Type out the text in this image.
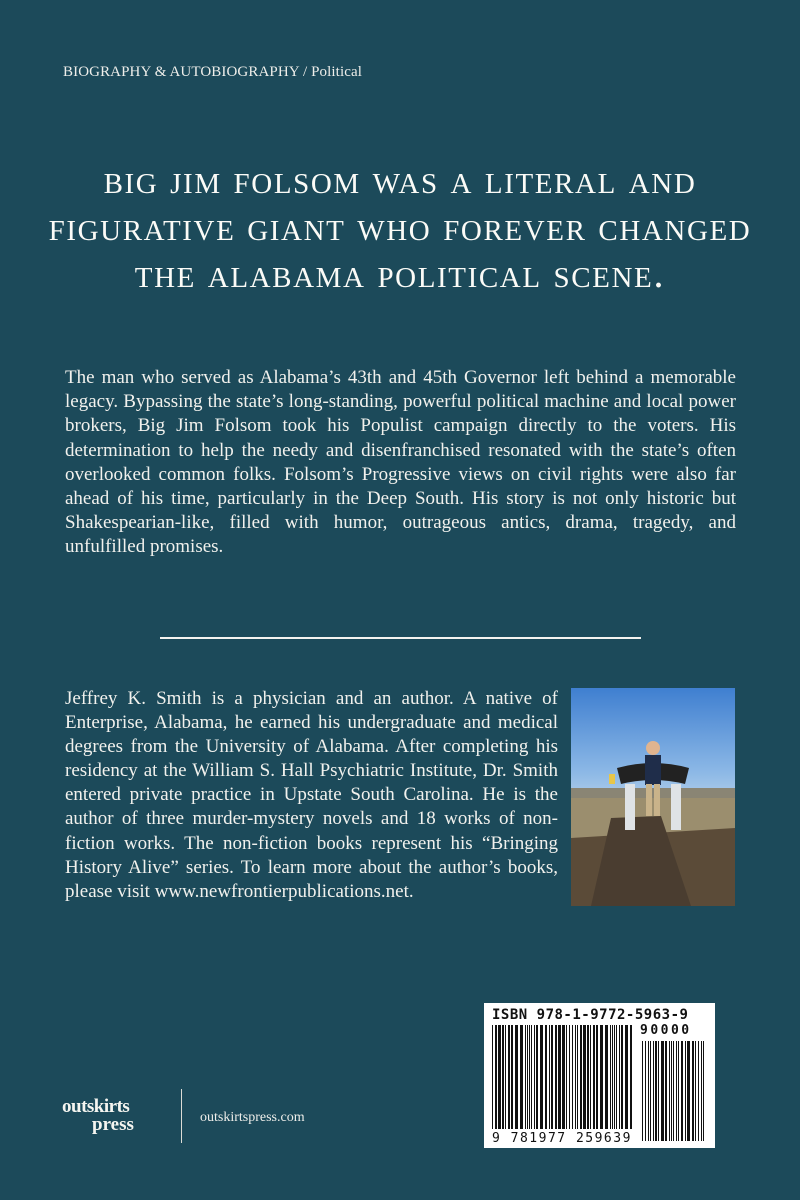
BIOGRAPHY & AUTOBIOGRAPHY / Political
big jim folsom was a literal and figurative giant who forever changed the alabama political scene.

The man who served as Alabama’s 43th and 45th Governor left behind a memorable legacy. Bypassing the state’s long-standing, powerful political machine and local power brokers, Big Jim Folsom took his Populist campaign directly to the voters. His determination to help the needy and disenfranchised resonated with the state’s often overlooked common folks. Folsom’s Progressive views on civil rights were also far ahead of his time, particularly in the Deep South. His story is not only historic but Shakespearian-like, filled with humor, outrageous antics, drama, tragedy, and unfulfilled promises.

Jeffrey K. Smith is a physician and an author. A native of Enterprise, Alabama, he earned his undergraduate and medical degrees from the University of Alabama. After completing his residency at the William S. Hall Psychiatric Institute, Dr. Smith entered private practice in Upstate South Carolina. He is the author of three murder-mystery novels and 18 works of non-fiction works. The non-fiction books represent his “Bringing History Alive” series. To learn more about the author’s books, please visit www.newfrontierpublications.net.

ISBN 978-1-9772-5963-9
90000
9 781977 259639
outskirts
press	outskirtspress.com
